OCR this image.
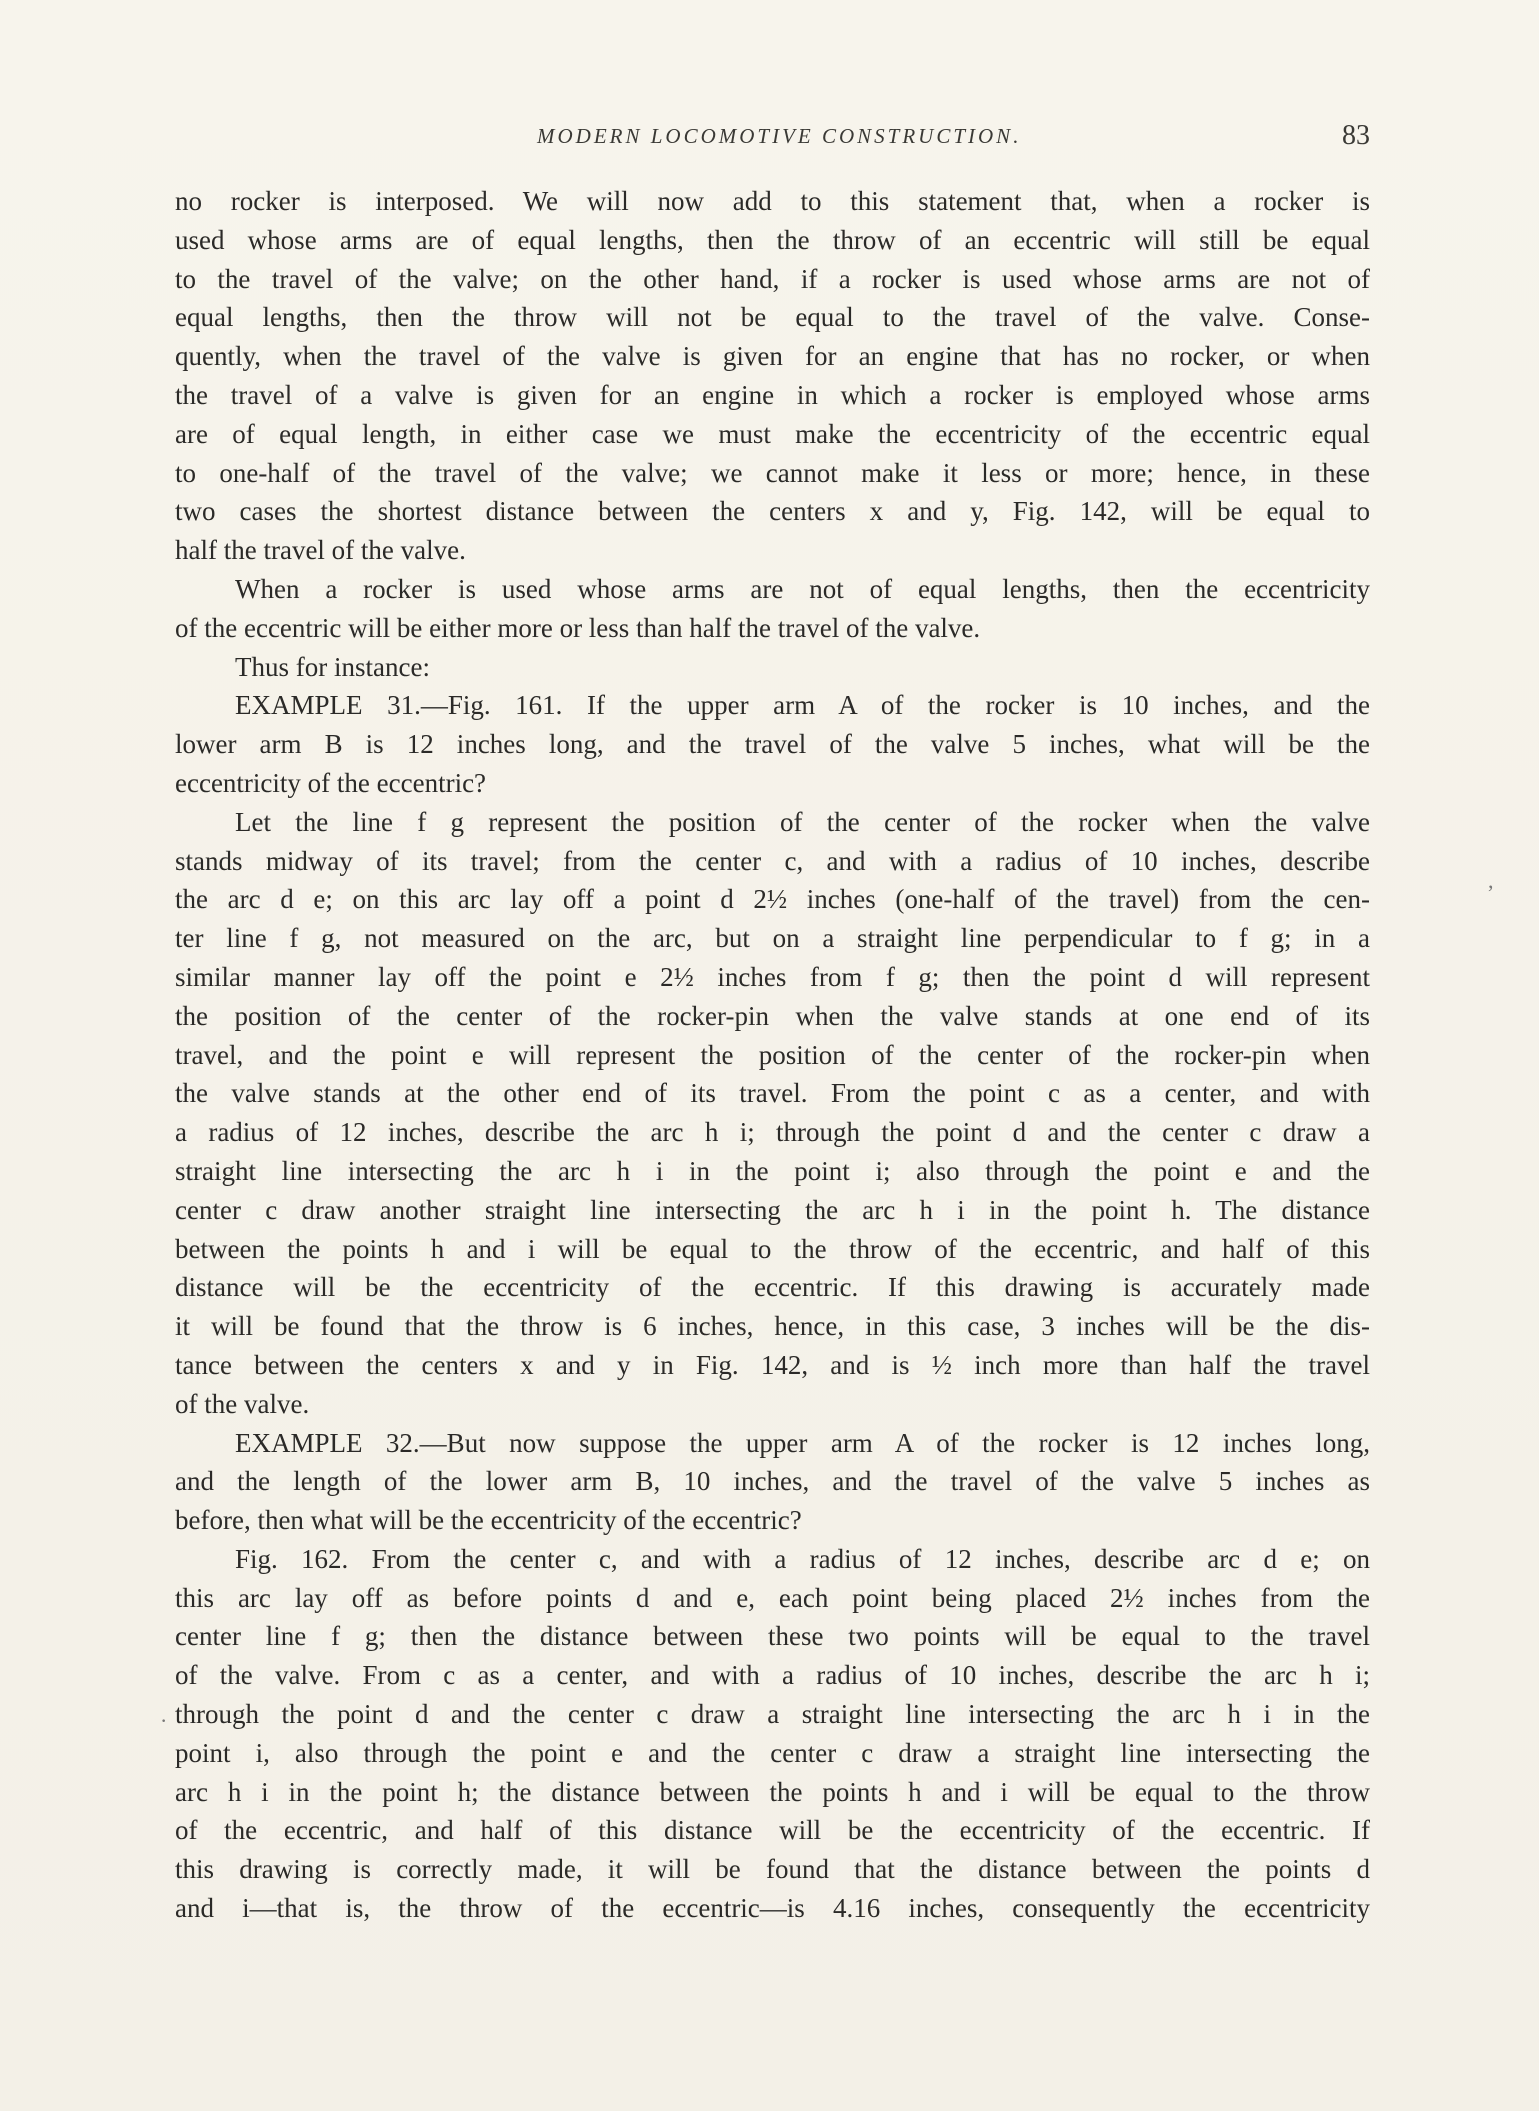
MODERN LOCOMOTIVE CONSTRUCTION.	83
no rocker is interposed. We will now add to this statement that, when a rocker is
used whose arms are of equal lengths, then the throw of an eccentric will still be equal
to the travel of the valve; on the other hand, if a rocker is used whose arms are not of
equal lengths, then the throw will not be equal to the travel of the valve. Conse-
quently, when the travel of the valve is given for an engine that has no rocker, or when
the travel of a valve is given for an engine in which a rocker is employed whose arms
are of equal length, in either case we must make the eccentricity of the eccentric equal
to one-half of the travel of the valve; we cannot make it less or more; hence, in these
two cases the shortest distance between the centers x and y, Fig. 142, will be equal to
half the travel of the valve.
When a rocker is used whose arms are not of equal lengths, then the eccentricity
of the eccentric will be either more or less than half the travel of the valve.
Thus for instance:
EXAMPLE 31.—Fig. 161. If the upper arm A of the rocker is 10 inches, and the
lower arm B is 12 inches long, and the travel of the valve 5 inches, what will be the
eccentricity of the eccentric?
Let the line f g represent the position of the center of the rocker when the valve
stands midway of its travel; from the center c, and with a radius of 10 inches, describe
the arc d e; on this arc lay off a point d 2½ inches (one-half of the travel) from the cen-
ter line f g, not measured on the arc, but on a straight line perpendicular to f g; in a
similar manner lay off the point e 2½ inches from f g; then the point d will represent
the position of the center of the rocker-pin when the valve stands at one end of its
travel, and the point e will represent the position of the center of the rocker-pin when
the valve stands at the other end of its travel. From the point c as a center, and with
a radius of 12 inches, describe the arc h i; through the point d and the center c draw a
straight line intersecting the arc h i in the point i; also through the point e and the
center c draw another straight line intersecting the arc h i in the point h. The distance
between the points h and i will be equal to the throw of the eccentric, and half of this
distance will be the eccentricity of the eccentric. If this drawing is accurately made
it will be found that the throw is 6 inches, hence, in this case, 3 inches will be the dis-
tance between the centers x and y in Fig. 142, and is ½ inch more than half the travel
of the valve.
EXAMPLE 32.—But now suppose the upper arm A of the rocker is 12 inches long,
and the length of the lower arm B, 10 inches, and the travel of the valve 5 inches as
before, then what will be the eccentricity of the eccentric?
Fig. 162. From the center c, and with a radius of 12 inches, describe arc d e; on
this arc lay off as before points d and e, each point being placed 2½ inches from the
center line f g; then the distance between these two points will be equal to the travel
of the valve. From c as a center, and with a radius of 10 inches, describe the arc h i;
through the point d and the center c draw a straight line intersecting the arc h i in the
point i, also through the point e and the center c draw a straight line intersecting the
arc h i in the point h; the distance between the points h and i will be equal to the throw
of the eccentric, and half of this distance will be the eccentricity of the eccentric. If
this drawing is correctly made, it will be found that the distance between the points d
and i—that is, the throw of the eccentric—is 4.16 inches, consequently the eccentricity
,
·
